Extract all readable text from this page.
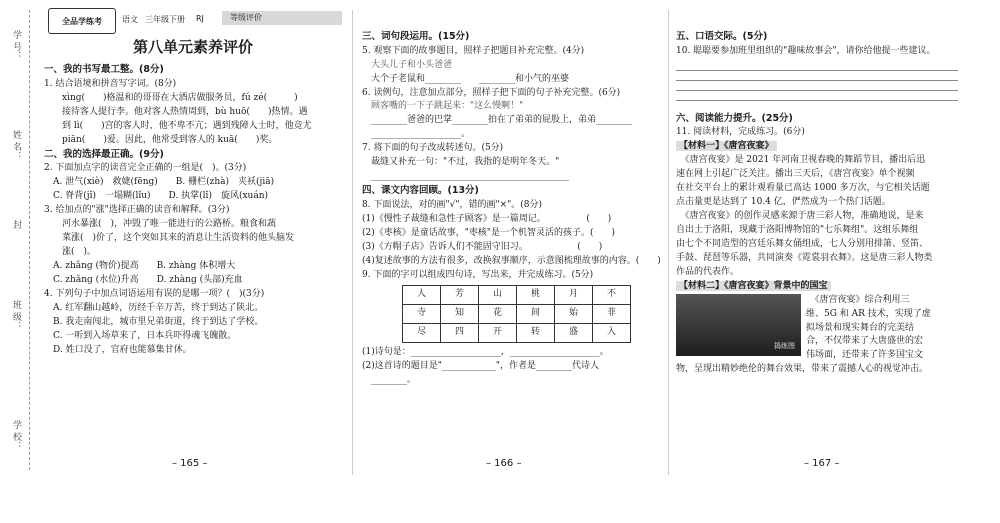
学 号：
姓 名：
封
班 级：
学 校：
全品学练考	语文 三年级下册 RJ	等级评价

第八单元素养评价

一、我的书写最工整。(8分)

1. 结合语境和拼音写字词。(8分)

　　xìng(　　)格温和的哥哥在大酒店做服务员，fú zé(　　　)

　　接待客人提行李。他对客人热情周到，bù huō(　　)热情。遇

　　到 lì(　　)宫的客人时，他不卑不亢；遇到残障人士时，他竞尤

　　piān(　　)爱。因此，他常受到客人的 kuā(　　)奖。

二、我的选择最正确。(9分)

2. 下面加点字的读音完全正确的一组是(　)。(3分)

　A. 泄气(xiè)　救婕(fēng)　　B. 栅栏(zhà)　夹袄(jiā)

　C. 脊背(jǐ)　一塌糊(lǐu)　　D. 执掌(lǐ)　旋风(xuán)

3. 给加点的"涨"选择正确的读音和解释。(3分)

　　河水暴涨(　)，冲毁了唯一能进行的公路桥。粮食和蔬

　　菜涨(　)价了，这个突如其来的消息让生活资料的他头脑发

　　涨(　)。

　A. zhǎng (物价)提高　　B. zhàng 体积增大

　C. zhǎng (水位)升高　　D. zhàng (头部)充血

4. 下列句子中加点词语运用有误的是哪一项？(　)(3分)

　A. 红军翻山越岭，历经千辛万苦，终于到达了陕北。

　B. 我走南闯北，城市里兄弟街道，终于到达了学校。

　C. 一听到入场草来了，日本兵吓得魂飞魄散。

　D. 姓口没了，官府也能慕集甘休。

– 165 –

三、词句段运用。(15分)

5. 观察下面的故事题目，照样子把题目补充完整。(4分)

　大头儿子和小头爸爸

　大个子老鼠和________　　________和小气的巫婆

6. 读例句，注意加点部分，照样子把下面的句子补充完整。(6分)

　顾客嘴的一下子跳起来："这么慢啊！"

　________爸爸的巴掌________拍在了弟弟的屁股上，弟弟________

　____________________。

7. 将下面的句子改成转述句。(5分)

　裁缝又补充一句："不过，我指的是明年冬天。"

　____________________________________________

四、课文内容回顾。(13分)

8. 下面说法，对的画"√"，错的画"×"。(8分)

(1)《慢性子裁缝和急性子顾客》是一篇周记。　　　　　(　　)

(2)《枣核》是童话故事，"枣核"是一个机智灵活的孩子。(　　)

(3)《方帽子店》告诉人们不能固守旧习。　　　　　　(　　)

(4)复述故事的方法有很多，改换叙事顺序，示意图梳理故事的内容。(　　)

9. 下面的字可以组成四句诗，写出来，并完成练习。(5分)

人	芳	山	桃	月	不
寺	知	花	间	始	菲
尽	四	开	转	盛	入

(1)诗句是：____________________，____________________。

(2)这首诗的题目是"____________"，作者是________代诗人

　________。

– 166 –

五、口语交际。(5分)

10. 聪聪要参加班里组织的"趣味故事会"，请你给他提一些建议。

六、阅读能力提升。(25分)

11. 阅读材料，完成练习。(6分)

【材料一】《唐宫夜宴》

　《唐宫夜宴》是 2021 年河南卫视春晚的舞蹈节目，播出后迅

速在网上引起广泛关注。播出三天后，《唐宫夜宴》单个视频

在社交平台上的累计观看量已高达 1000 多万次，与它相关话题

点击量更是达到了 10.4 亿，俨然成为一个热门话题。

　《唐宫夜宴》的创作灵感来源于唐三彩人物，准确地说，是来

自出土于洛阳，现藏于洛阳博物馆的"七乐舞组"。这组乐舞组

由七个不同造型的宫廷乐舞女俑组成，七人分别用排箫、竖笛、

手鼓、琵琶等乐器，共同演奏《霓裳羽衣舞》。这是唐三彩人物类

作品的代表作。

【材料二】《唐宫夜宴》背景中的国宝

捣练图

　《唐宫夜宴》综合利用三

维、5G 和 AR 技术，实现了虚

拟场景和现实舞台的完美结

合，不仅带来了大唐盛世的宏

伟场面，还带来了许多国宝文

物，呈现出精妙绝伦的舞台效果，带来了震撼人心的视觉冲击。

– 167 –
